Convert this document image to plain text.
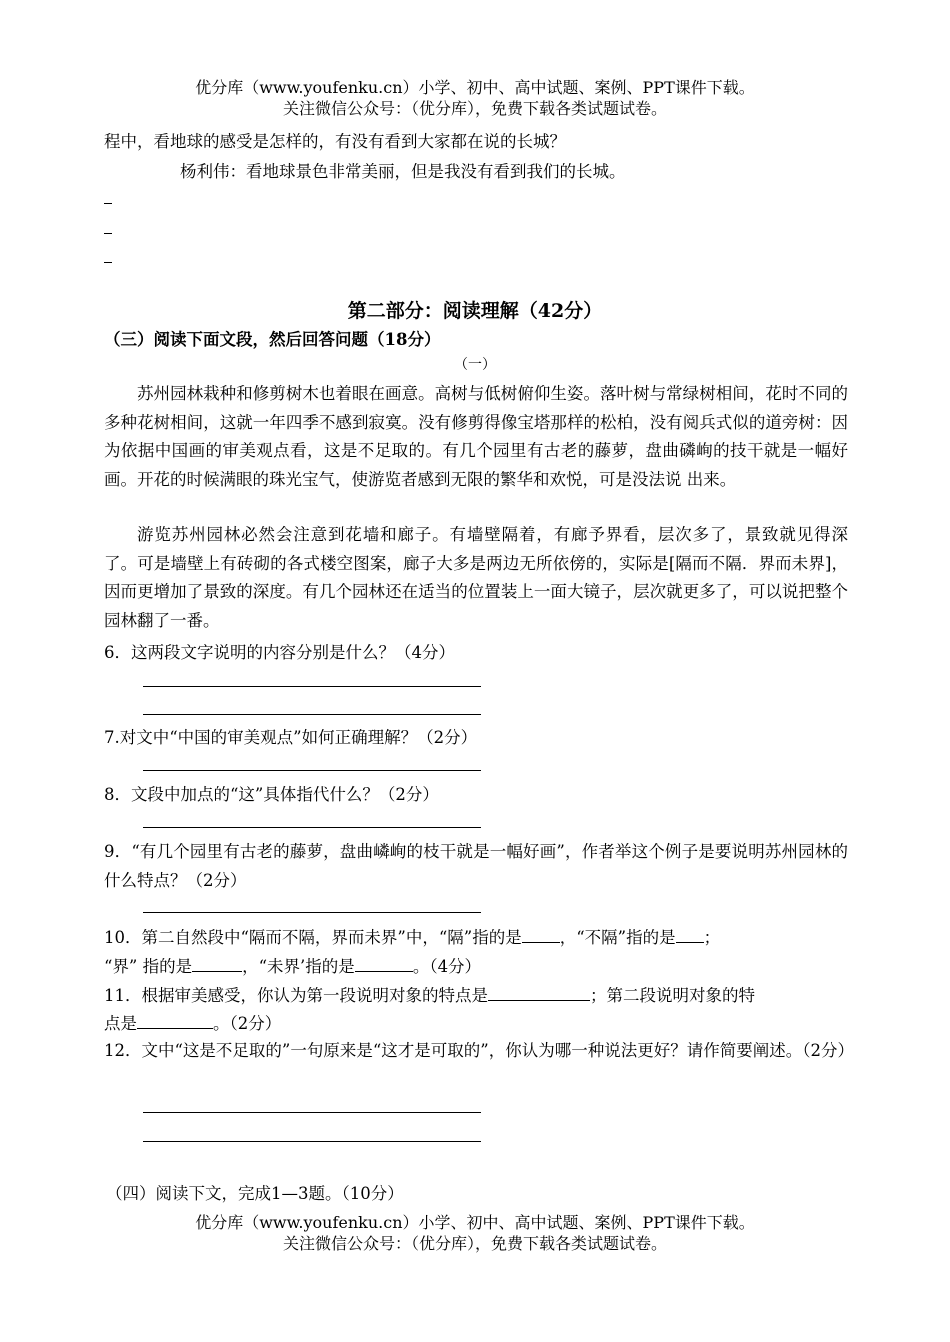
优分库（www.youfenku.cn）小学、初中、高中试题、案例、PPT课件下载。
关注微信公众号：（优分库），免费下载各类试题试卷。
程中，看地球的感受是怎样的，有没有看到大家都在说的长城？
杨利伟：看地球景色非常美丽，但是我没有看到我们的长城。
第二部分：阅读理解（42分）
（三）阅读下面文段，然后回答问题（18分）
（一）
苏州园林栽种和修剪树木也着眼在画意。高树与低树俯仰生姿。落叶树与常绿树相间，花时不同的多种花树相间，这就一年四季不感到寂寞。没有修剪得像宝塔那样的松柏，没有阅兵式似的道旁树：因为依据中国画的审美观点看，这是不足取的。有几个园里有古老的藤萝，盘曲磷峋的技干就是一幅好画。开花的时候满眼的珠光宝气，使游览者感到无限的繁华和欢悦，可是没法说 出来。
游览苏州园林必然会注意到花墙和廊子。有墙壁隔着，有廊予界看，层次多了，景致就见得深 了。可是墙壁上有砖砌的各式楼空图案，廊子大多是两边无所依傍的，实际是[隔而不隔．界而未界]，因而更增加了景致的深度。有几个园林还在适当的位置装上一面大镜子，层次就更多了，可以说把整个园林翻了一番。
6．这两段文字说明的内容分别是什么？（4分）
7.对文中“中国的审美观点”如何正确理解？（2分）
8．文段中加点的“这”具体指代什么？（2分）
9．“有几个园里有古老的藤萝，盘曲嶙峋的枝干就是一幅好画”，作者举这个例子是要说明苏州园林的什么特点？（2分）
10．第二自然段中“隔而不隔，界而未界”中，“隔”指的是 ，“不隔”指的是 ；
“界” 指的是	，“未界’指的是	。（4分）
11．根据审美感受，你认为第一段说明对象的特点是	；第二段说明对象的特
点是	。（2分）
12．文中“这是不足取的”一句原来是“这才是可取的”，你认为哪一种说法更好？请作简要阐述。（2分）
（四）阅读下文，完成1—3题。（10分）
优分库（www.youfenku.cn）小学、初中、高中试题、案例、PPT课件下载。
关注微信公众号：（优分库），免费下载各类试题试卷。
